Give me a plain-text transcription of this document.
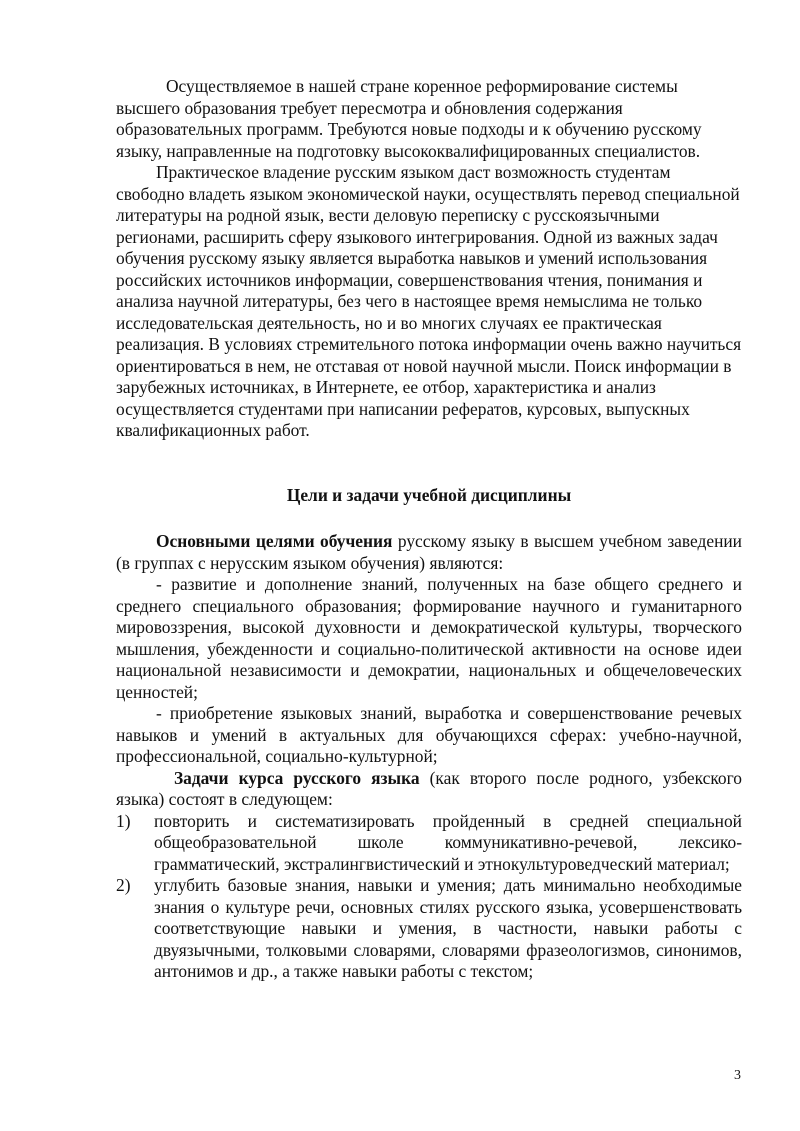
Осуществляемое в нашей стране коренное реформирование системы высшего образования требует пересмотра и обновления содержания образовательных программ. Требуются новые подходы и к обучению русскому языку, направленные на подготовку высококвалифицированных специалистов.

Практическое владение русским языком даст возможность студентам свободно владеть языком экономической науки, осуществлять перевод специальной литературы на родной язык, вести деловую переписку с русскоязычными регионами, расширить сферу языкового интегрирования. Одной из важных задач обучения русскому языку является выработка навыков и умений использования российских источников информации, совершенствования чтения, понимания и анализа научной литературы, без чего в настоящее время немыслима не только исследовательская деятельность, но и во многих случаях ее практическая реализация. В условиях стремительного потока информации очень важно научиться ориентироваться в нем, не отставая от новой научной мысли. Поиск информации в зарубежных источниках, в Интернете, ее отбор, характеристика и анализ осуществляется студентами при написании рефератов, курсовых, выпускных квалификационных работ.

Цели и задачи учебной дисциплины

Основными целями обучения русскому языку в высшем учебном заведении (в группах с нерусским языком обучения) являются:

- развитие и дополнение знаний, полученных на базе общего среднего и среднего специального образования; формирование научного и гуманитарного мировоззрения, высокой духовности и демократической культуры, творческого мышления, убежденности и социально-политической активности на основе идеи национальной независимости и демократии, национальных и общечеловеческих ценностей;

- приобретение языковых знаний, выработка и совершенствование речевых навыков и умений в актуальных для обучающихся сферах: учебно-научной, профессиональной, социально-культурной;

Задачи курса русского языка (как второго после родного, узбекского языка) состоят в следующем:

1) повторить и систематизировать пройденный в средней специальной общеобразовательной школе коммуникативно-речевой, лексико-грамматический, экстралингвистический и этнокультуроведческий материал;
2) углубить базовые знания, навыки и умения; дать минимально необходимые знания о культуре речи, основных стилях русского языка, усовершенствовать соответствующие навыки и умения, в частности, навыки работы с двуязычными, толковыми словарями, словарями фразеологизмов, синонимов, антонимов и др., а также навыки работы с текстом;
3
